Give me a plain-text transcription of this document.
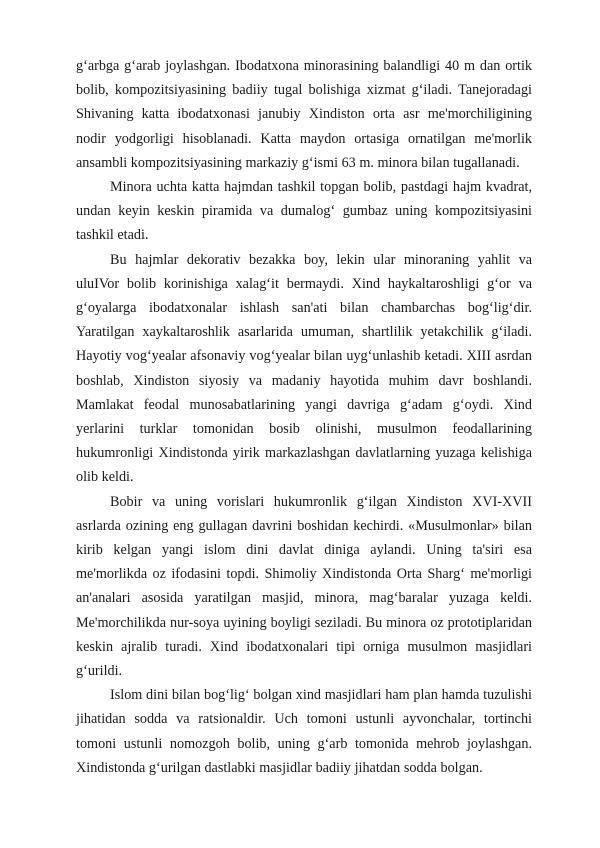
g‘arbga g‘arab joylashgan. Ibodatxona minorasining balandligi 40 m dan ortik bolib, kompozitsiyasining badiiy tugal bolishiga xizmat g‘iladi. Tanejoradagi Shivaning katta ibodatxonasi janubiy Xindiston orta asr me'morchiligining nodir yodgorligi hisoblanadi. Katta maydon ortasiga ornatilgan me'morlik ansambli kompozitsiyasining markaziy g‘ismi 63 m. minora bilan tugallanadi.

Minora uchta katta hajmdan tashkil topgan bolib, pastdagi hajm kvadrat, undan keyin keskin piramida va dumalog‘ gumbaz uning kompozitsiyasini tashkil etadi.

Bu hajmlar dekorativ bezakka boy, lekin ular minoraning yahlit va uluIVor bolib korinishiga xalag‘it bermaydi. Xind haykaltaroshligi g‘or va g‘oyalarga ibodatxonalar ishlash san'ati bilan chambarchas bog‘lig‘dir. Yaratilgan xaykaltaroshlik asarlarida umuman, shartlilik yetakchilik g‘iladi. Hayotiy vog‘yealar afsonaviy vog‘yealar bilan uyg‘unlashib ketadi. XIII asrdan boshlab, Xindiston siyosiy va madaniy hayotida muhim davr boshlandi. Mamlakat feodal munosabatlarining yangi davriga g‘adam g‘oydi. Xind yerlarini turklar tomonidan bosib olinishi, musulmon feodallarining hukumronligi Xindistonda yirik markazlashgan davlatlarning yuzaga kelishiga olib keldi.

Bobir va uning vorislari hukumronlik g‘ilgan Xindiston XVI-XVII asrlarda ozining eng gullagan davrini boshidan kechirdi. «Musulmonlar» bilan kirib kelgan yangi islom dini davlat diniga aylandi. Uning ta'siri esa me'morlikda oz ifodasini topdi. Shimoliy Xindistonda Orta Sharg‘ me'morligi an'analari asosida yaratilgan masjid, minora, mag‘baralar yuzaga keldi. Me'morchilikda nur-soya uyining boyligi seziladi. Bu minora oz prototiplaridan keskin ajralib turadi. Xind ibodatxonalari tipi orniga musulmon masjidlari g‘urildi.

Islom dini bilan bog‘lig‘ bolgan xind masjidlari ham plan hamda tuzulishi jihatidan sodda va ratsionaldir. Uch tomoni ustunli ayvonchalar, tortinchi tomoni ustunli nomozgoh bolib, uning g‘arb tomonida mehrob joylashgan. Xindistonda g‘urilgan dastlabki masjidlar badiiy jihatdan sodda bolgan.
